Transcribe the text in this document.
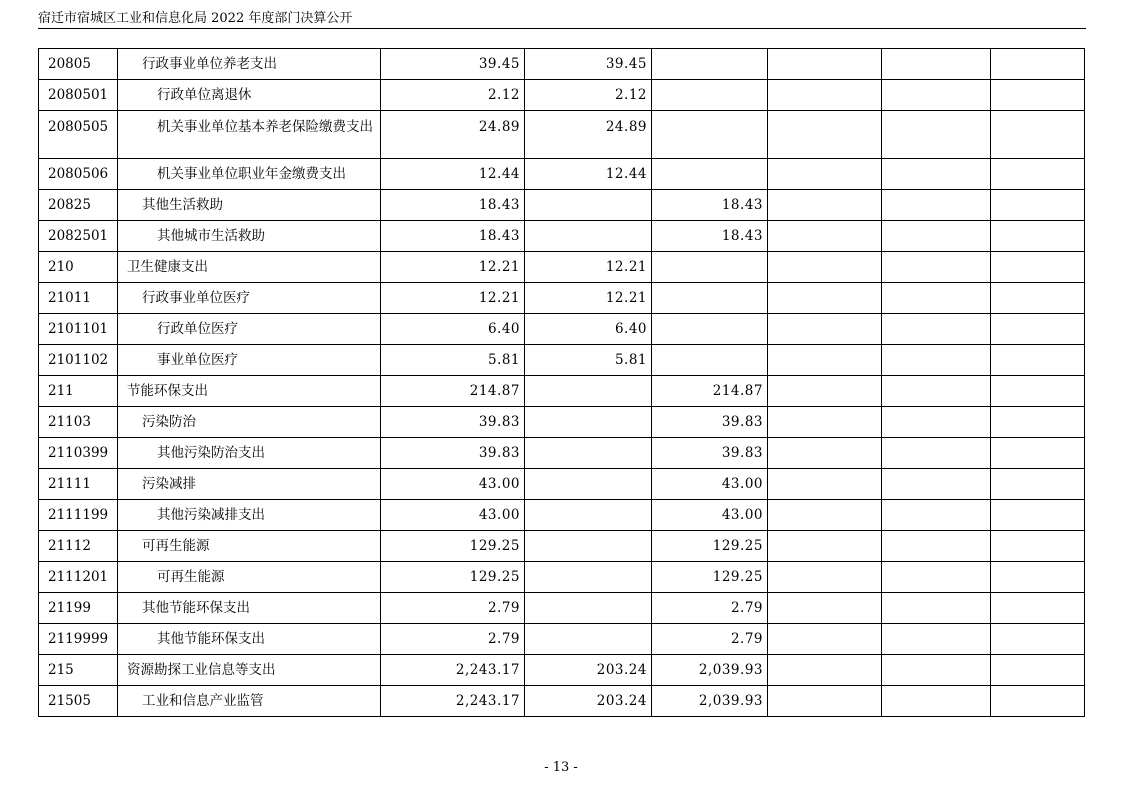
宿迁市宿城区工业和信息化局 2022 年度部门决算公开
20805	行政事业单位养老支出	39.45	39.45				
2080501	行政单位离退休	2.12	2.12				
2080505	机关事业单位基本养老保险缴费支出	24.89	24.89				
2080506	机关事业单位职业年金缴费支出	12.44	12.44				
20825	其他生活救助	18.43		18.43			
2082501	其他城市生活救助	18.43		18.43			
210	卫生健康支出	12.21	12.21				
21011	行政事业单位医疗	12.21	12.21				
2101101	行政单位医疗	6.40	6.40				
2101102	事业单位医疗	5.81	5.81				
211	节能环保支出	214.87		214.87			
21103	污染防治	39.83		39.83			
2110399	其他污染防治支出	39.83		39.83			
21111	污染减排	43.00		43.00			
2111199	其他污染减排支出	43.00		43.00			
21112	可再生能源	129.25		129.25			
2111201	可再生能源	129.25		129.25			
21199	其他节能环保支出	2.79		2.79			
2119999	其他节能环保支出	2.79		2.79			
215	资源勘探工业信息等支出	2,243.17	203.24	2,039.93			
21505	工业和信息产业监管	2,243.17	203.24	2,039.93			
- 13 -
